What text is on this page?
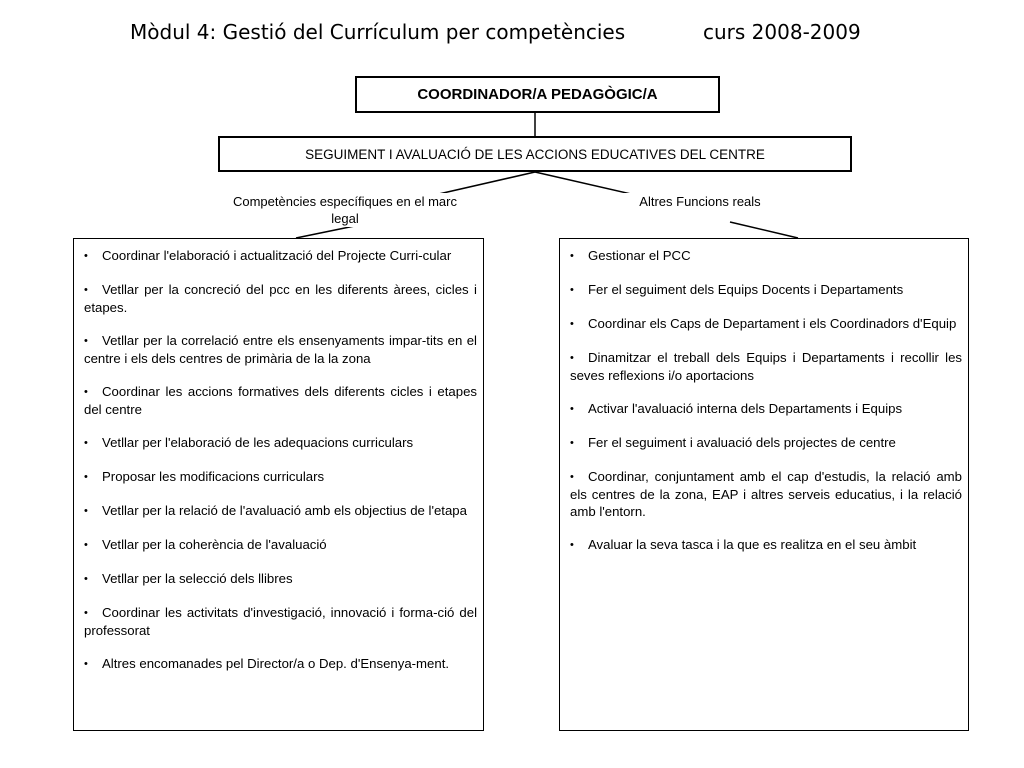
Mòdul 4: Gestió del Currículum per competències	curs 2008-2009
COORDINADOR/A PEDAGÒGIC/A
SEGUIMENT I AVALUACIÓ DE LES ACCIONS EDUCATIVES DEL CENTRE
Competències específiques en el marc legal
Altres Funcions reals
• Coordinar l'elaboració i actualització del Projecte Curri-cular
• Vetllar per la concreció del pcc en les diferents àrees, cicles i etapes.
• Vetllar per la correlació entre els ensenyaments impar-tits en el centre i els dels centres de primària de la la zona
• Coordinar les accions formatives dels diferents cicles i etapes del centre
• Vetllar per l'elaboració de les adequacions curriculars
• Proposar les modificacions curriculars
• Vetllar per la relació de l'avaluació amb els objectius de l'etapa
• Vetllar per la coherència de l'avaluació
• Vetllar per la selecció dels llibres
• Coordinar les activitats d'investigació, innovació i forma-ció del professorat
• Altres encomanades pel Director/a o Dep. d'Ensenya-ment.
• Gestionar el PCC
• Fer el seguiment dels Equips Docents i Departaments
• Coordinar els Caps de Departament i els Coordinadors d'Equip
• Dinamitzar el treball dels Equips i Departaments i recollir les seves reflexions i/o aportacions
• Activar l'avaluació interna dels Departaments i Equips
• Fer el seguiment i avaluació dels projectes de centre
• Coordinar, conjuntament amb el cap d'estudis, la relació amb els centres de la zona, EAP i altres serveis educatius, i la relació amb l'entorn.
• Avaluar la seva tasca i la que es realitza en el seu àmbit
